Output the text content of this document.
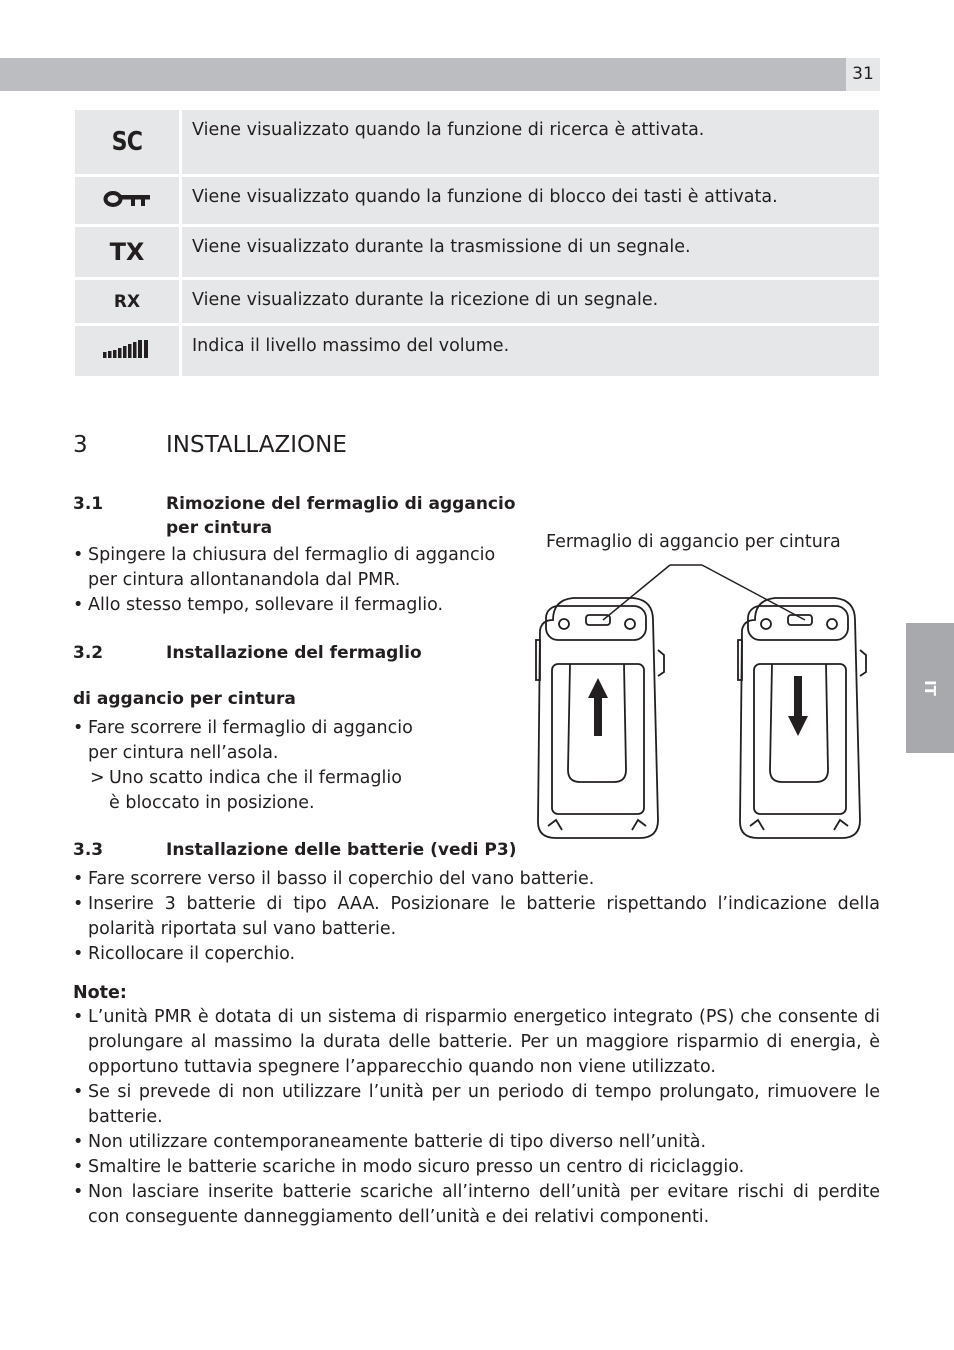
31
IT
SC	Viene visualizzato quando la funzione di ricerca è attivata.
	Viene visualizzato quando la funzione di blocco dei tasti è attivata.
TX	Viene visualizzato durante la trasmissione di un segnale.
RX	Viene visualizzato durante la ricezione di un segnale.
	Indica il livello massimo del volume.
3	INSTALLAZIONE
3.1	Rimozione del fermaglio di aggancio
per cintura
• Spingere la chiusura del fermaglio di aggancio per cintura allontanandola dal PMR.
• Allo stesso tempo, sollevare il fermaglio.
3.2	Installazione del fermaglio
di aggancio per cintura
• Fare scorrere il fermaglio di aggancio per cintura nell’asola.
> Uno scatto indica che il fermaglio è bloccato in posizione.
Fermaglio di aggancio per cintura
3.3	Installazione delle batterie (vedi P3)
• Fare scorrere verso il basso il coperchio del vano batterie.
• Inserire 3 batterie di tipo AAA. Posizionare le batterie rispettando l’indicazione della polarità riportata sul vano batterie.
• Ricollocare il coperchio.
Note:
• L’unità PMR è dotata di un sistema di risparmio energetico integrato (PS) che consente di prolungare al massimo la durata delle batterie. Per un maggiore risparmio di energia, è opportuno tuttavia spegnere l’apparecchio quando non viene utilizzato.
• Se si prevede di non utilizzare l’unità per un periodo di tempo prolungato, rimuovere le batterie.
• Non utilizzare contemporaneamente batterie di tipo diverso nell’unità.
• Smaltire le batterie scariche in modo sicuro presso un centro di riciclaggio.
• Non lasciare inserite batterie scariche all’interno dell’unità per evitare rischi di perdite con conseguente danneggiamento dell’unità e dei relativi componenti.
